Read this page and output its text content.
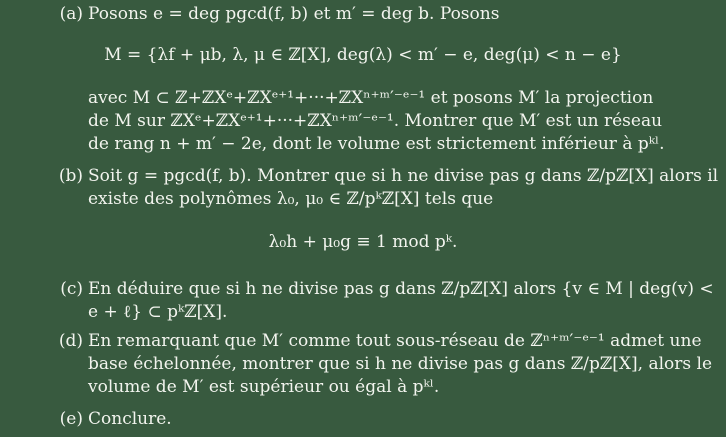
(a) Posons e = deg pgcd(f, b) et m′ = deg b. Posons
M = {λf + μb, λ, μ ∈ ℤ[X], deg(λ) < m′ − e, deg(μ) < n − e}
avec M ⊂ ℤ+ℤXᵉ+ℤXᵉ⁺¹+···+ℤXⁿ⁺ᵐ′⁻ᵉ⁻¹ et posons M′ la projection
de M sur ℤXᵉ+ℤXᵉ⁺¹+···+ℤXⁿ⁺ᵐ′⁻ᵉ⁻¹. Montrer que M′ est un réseau
de rang n + m′ − 2e, dont le volume est strictement inférieur à pᵏˡ.
(b) Soit g = pgcd(f, b). Montrer que si h ne divise pas g dans ℤ/pℤ[X] alors il
existe des polynômes λ₀, μ₀ ∈ ℤ/pᵏℤ[X] tels que
λ₀h + μ₀g ≡ 1 mod pᵏ.
(c) En déduire que si h ne divise pas g dans ℤ/pℤ[X] alors {v ∈ M | deg(v) <
e + ℓ} ⊂ pᵏℤ[X].
(d) En remarquant que M′ comme tout sous-réseau de ℤⁿ⁺ᵐ′⁻ᵉ⁻¹ admet une
base échelonnée, montrer que si h ne divise pas g dans ℤ/pℤ[X], alors le
volume de M′ est supérieur ou égal à pᵏˡ.
(e) Conclure.
